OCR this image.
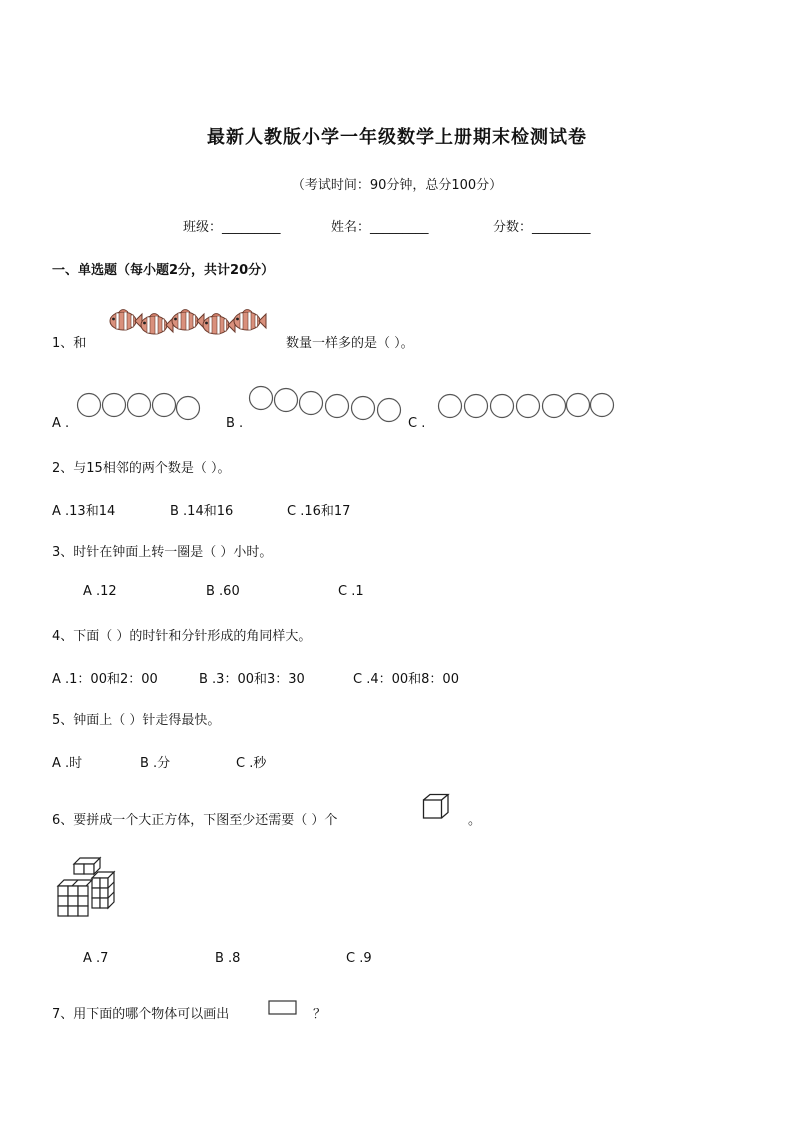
最新人教版小学一年级数学上册期末检测试卷
（考试时间：90分钟，总分100分）
班级：_________	姓名：_________	分数：_________
一、单选题（每小题2分，共计20分）
1、和	数量一样多的是（ ）。
A .	B .	C .
2、与15相邻的两个数是（ ）。
A .13和14	B .14和16	C .16和17
3、时针在钟面上转一圈是（ ）小时。
A .12	B .60	C .1
4、下面（ ）的时针和分针形成的角同样大。
A .1：00和2：00	B .3：00和3：30	C .4：00和8：00
5、钟面上（ ）针走得最快。
A .时	B .分	C .秒
6、要拼成一个大正方体，下图至少还需要（ ）个	。
A .7	B .8	C .9
7、用下面的哪个物体可以画出	？
